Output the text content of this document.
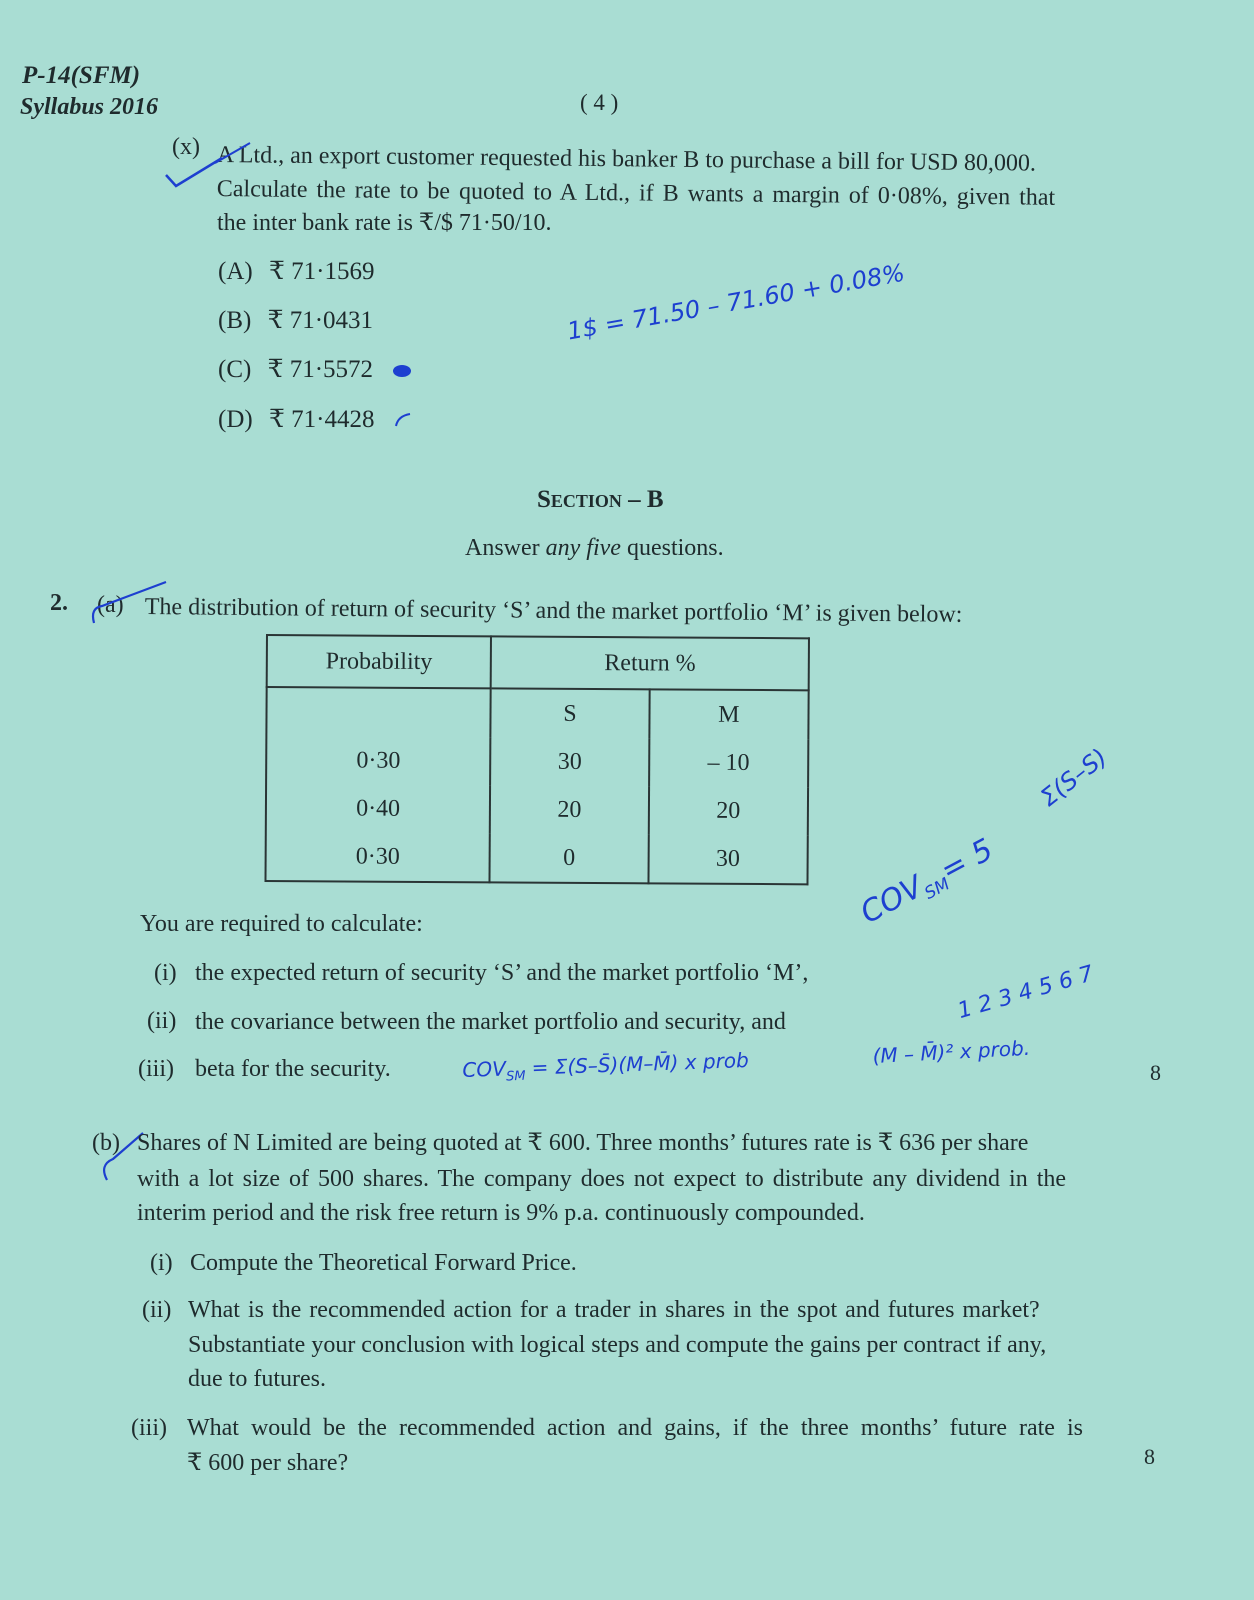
P-14(SFM)
Syllabus 2016	( 4 )
(x) A Ltd., an export customer requested his banker B to purchase a bill for USD 80,000.
Calculate the rate to be quoted to A Ltd., if B wants a margin of 0·08%, given that
the inter bank rate is ₹/$ 71·50/10.
(A) ₹ 71·1569
(B) ₹ 71·0431
(C) ₹ 71·5572
(D) ₹ 71·4428
1$ = 71.50 – 71.60 + 0.08%
Section – B
Answer any five questions.
2. (a) The distribution of return of security ‘S’ and the market portfolio ‘M’ is given below:
Probability	Return %	
	S	M
0·30	30	– 10
0·40	20	20
0·30	0	30
$COV_{SM}= 5$
Σ(S–S)
1 2 3 4 5 6 7
You are required to calculate:
(i) the expected return of security ‘S’ and the market portfolio ‘M’,
(ii) the covariance between the market portfolio and security, and
(iii) beta for the security.	$COV_{SM}$ = Σ(S–S̄)(M–M̄) x prob	(M – M̄)² x prob.
8
(b) Shares of N Limited are being quoted at ₹ 600. Three months’ futures rate is ₹ 636 per share
with a lot size of 500 shares. The company does not expect to distribute any dividend in the
interim period and the risk free return is 9% p.a. continuously compounded.
(i) Compute the Theoretical Forward Price.
(ii) What is the recommended action for a trader in shares in the spot and futures market?
Substantiate your conclusion with logical steps and compute the gains per contract if any,
due to futures.
(iii) What would be the recommended action and gains, if the three months’ future rate is
₹ 600 per share?	8
